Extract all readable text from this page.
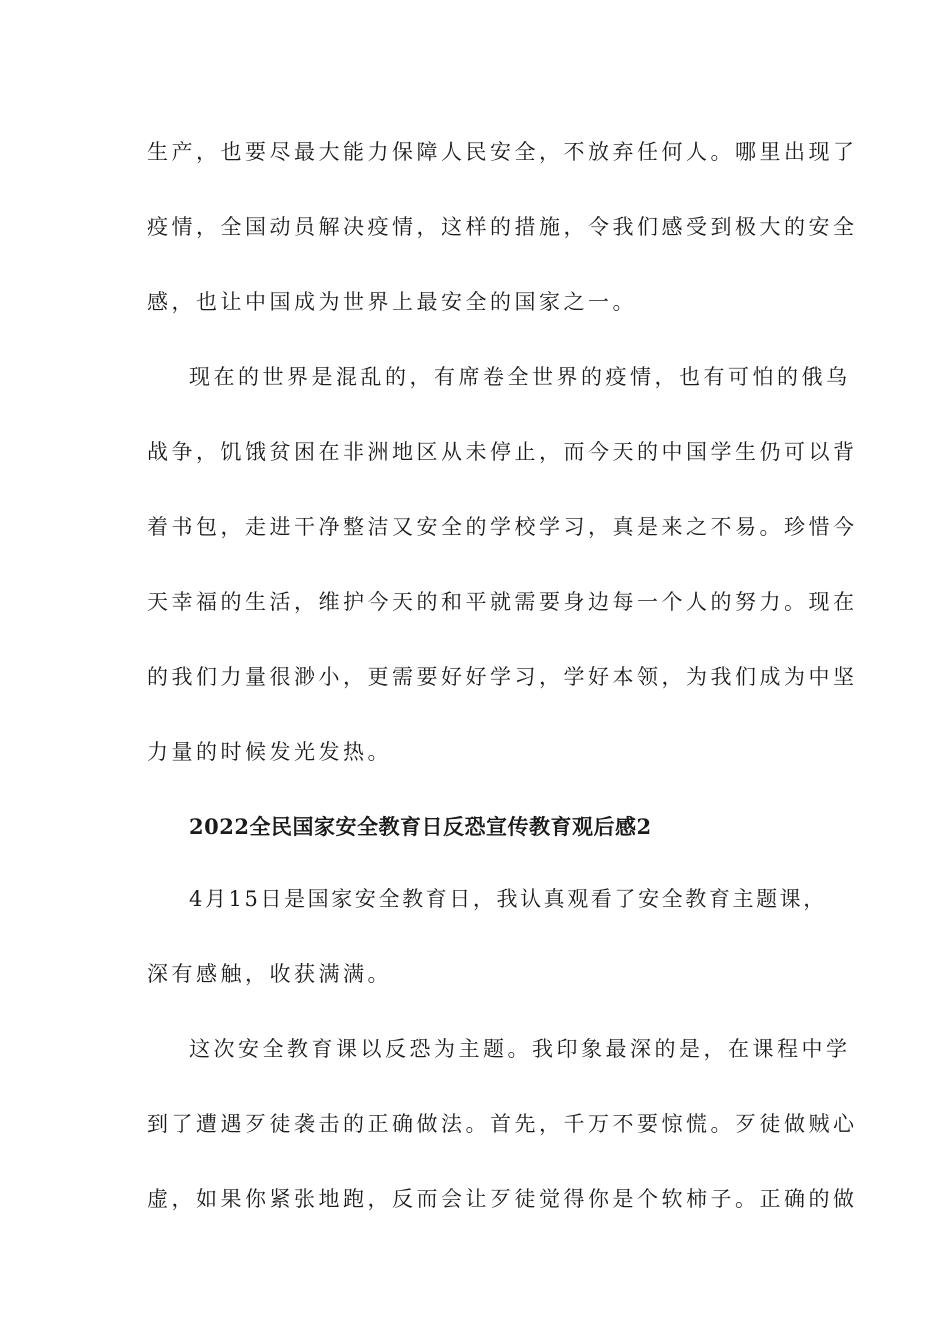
生产，也要尽最大能力保障人民安全，不放弃任何人。哪里出现了
疫情，全国动员解决疫情，这样的措施，令我们感受到极大的安全
感，也让中国成为世界上最安全的国家之一。
现在的世界是混乱的，有席卷全世界的疫情，也有可怕的俄乌
战争，饥饿贫困在非洲地区从未停止，而今天的中国学生仍可以背
着书包，走进干净整洁又安全的学校学习，真是来之不易。珍惜今
天幸福的生活，维护今天的和平就需要身边每一个人的努力。现在
的我们力量很渺小，更需要好好学习，学好本领，为我们成为中坚
力量的时候发光发热。
2022全民国家安全教育日反恐宣传教育观后感2
4月15日是国家安全教育日，我认真观看了安全教育主题课，
深有感触，收获满满。
这次安全教育课以反恐为主题。我印象最深的是，在课程中学
到了遭遇歹徒袭击的正确做法。首先，千万不要惊慌。歹徒做贼心
虚，如果你紧张地跑，反而会让歹徒觉得你是个软柿子。正确的做
